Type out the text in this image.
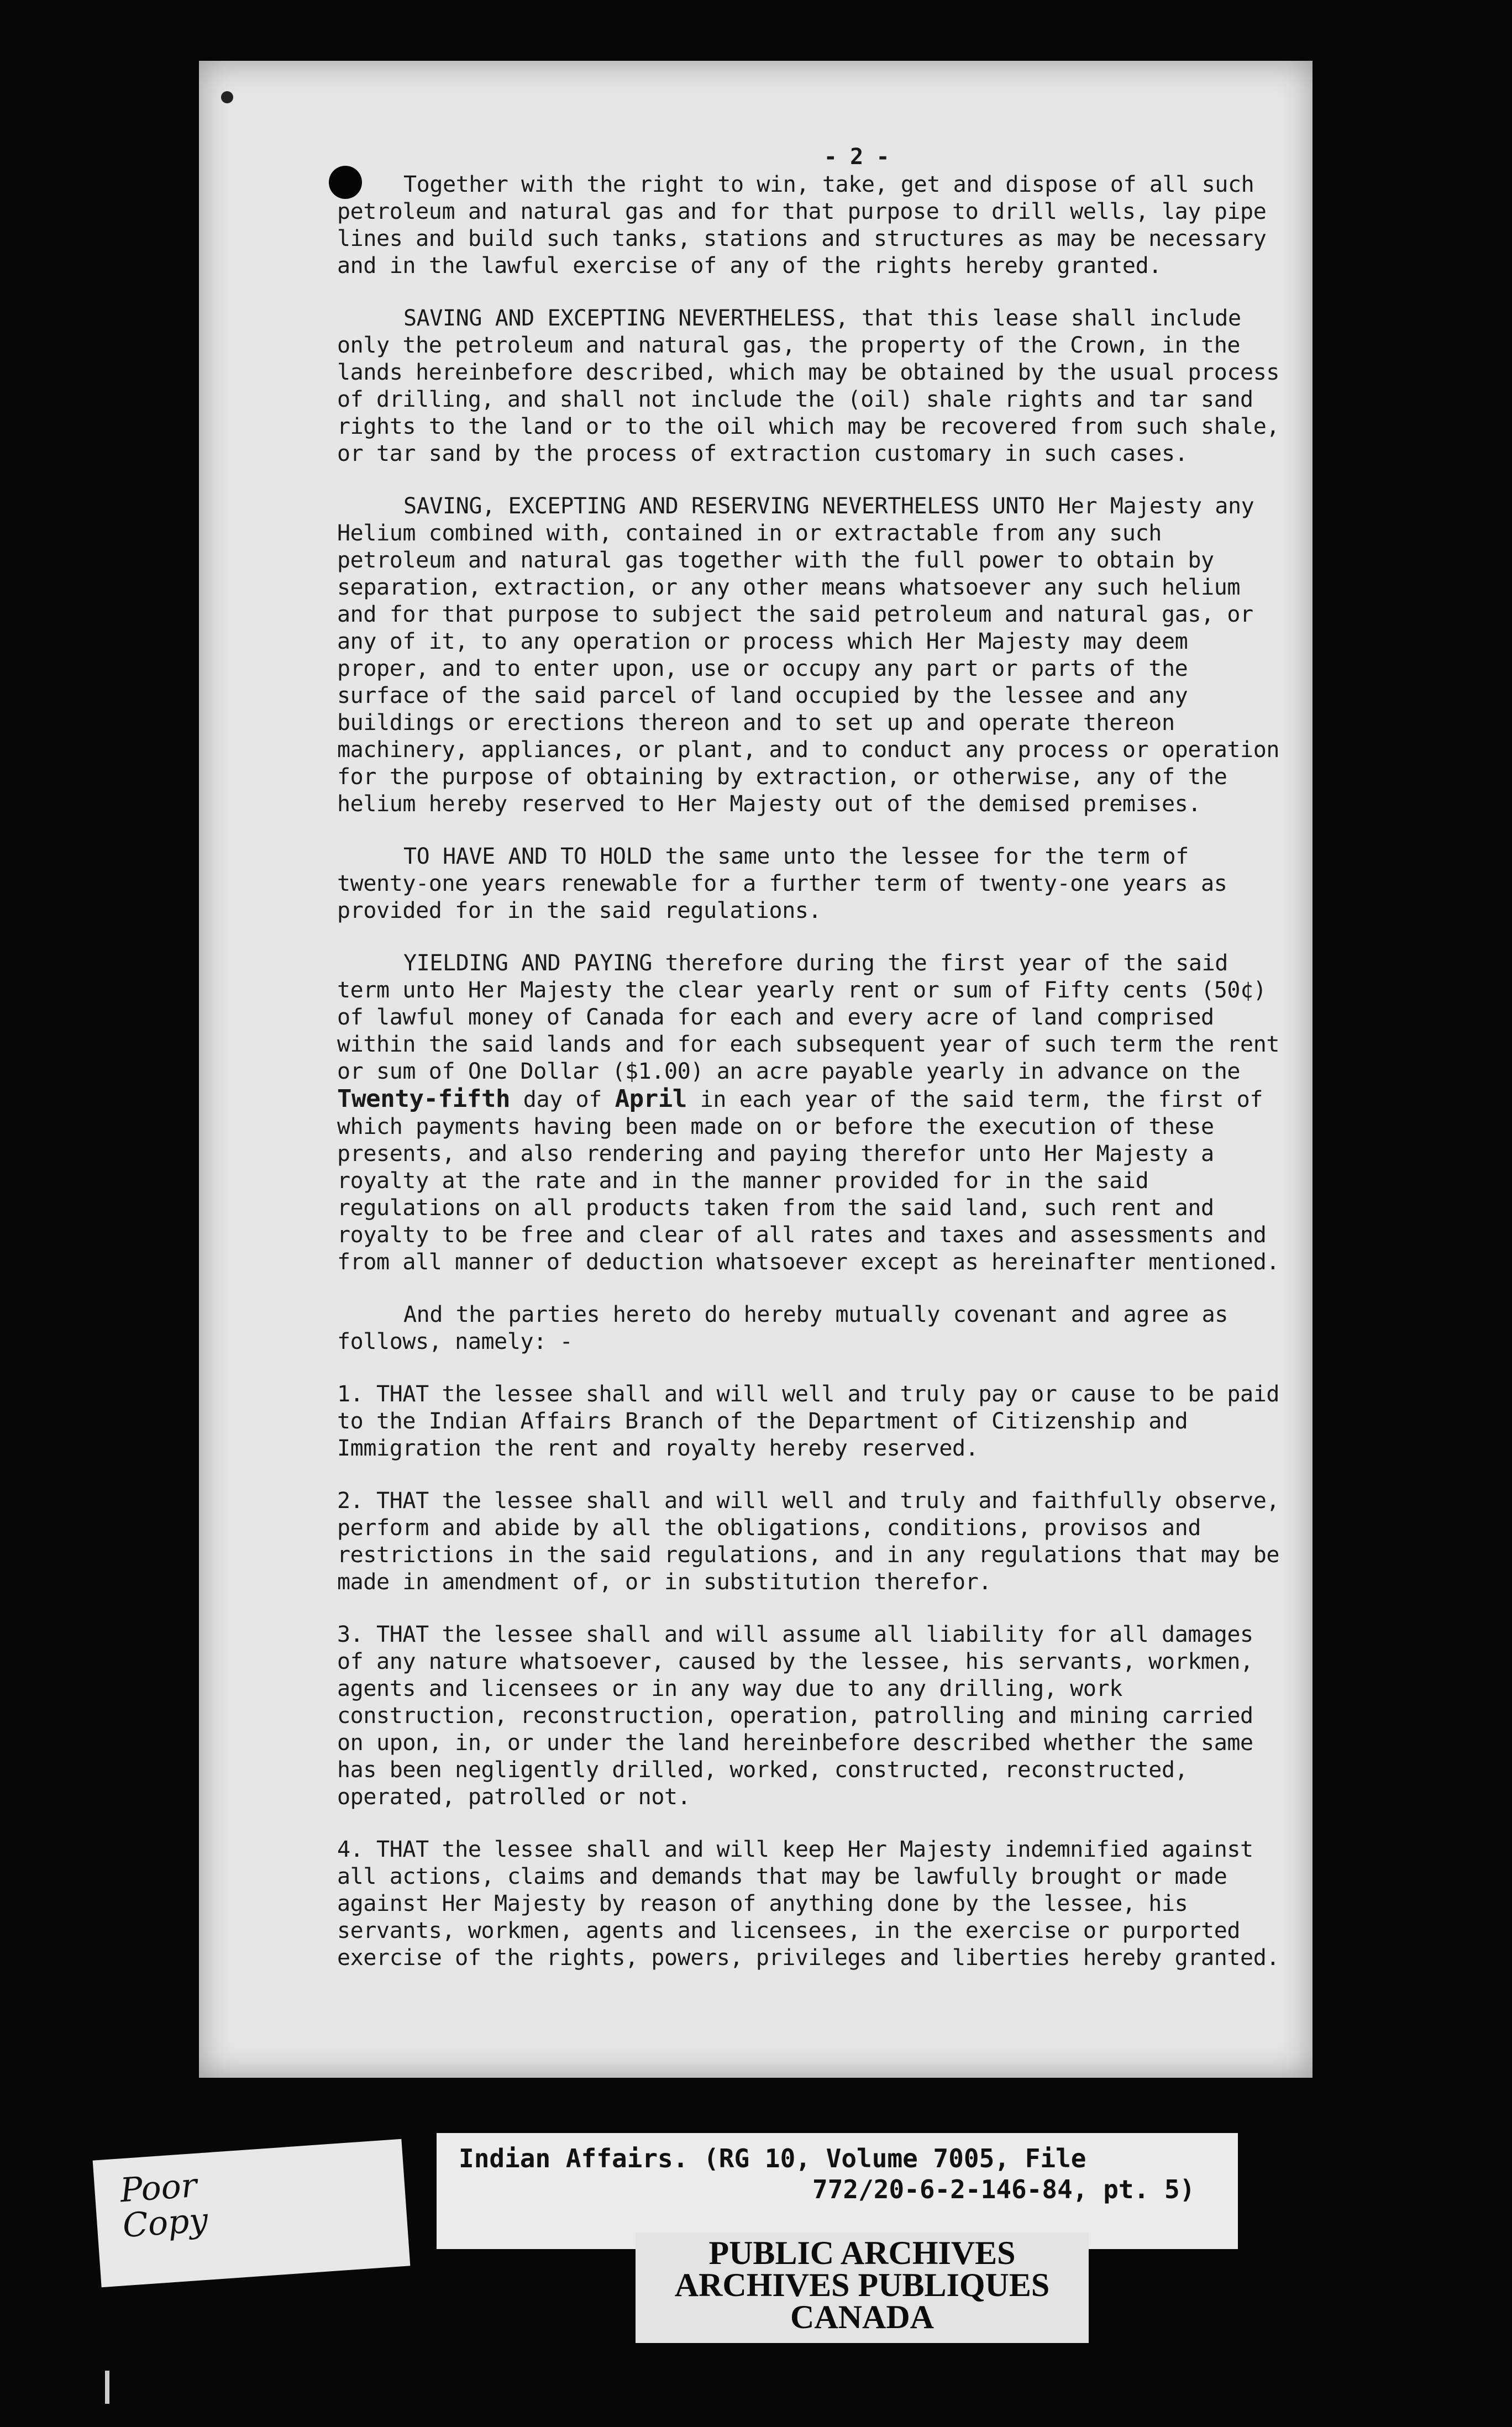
- 2 -

Together with the right to win, take, get and dispose of all such petroleum and natural gas and for that purpose to drill wells, lay pipe lines and build such tanks, stations and structures as may be necessary and in the lawful exercise of any of the rights hereby granted.

SAVING AND EXCEPTING NEVERTHELESS, that this lease shall include only the petroleum and natural gas, the property of the Crown, in the lands hereinbefore described, which may be obtained by the usual process of drilling, and shall not include the (oil) shale rights and tar sand rights to the land or to the oil which may be recovered from such shale, or tar sand by the process of extraction customary in such cases.

SAVING, EXCEPTING AND RESERVING NEVERTHELESS UNTO Her Majesty any Helium combined with, contained in or extractable from any such petroleum and natural gas together with the full power to obtain by separation, extraction, or any other means whatsoever any such helium and for that purpose to subject the said petroleum and natural gas, or any of it, to any operation or process which Her Majesty may deem proper, and to enter upon, use or occupy any part or parts of the surface of the said parcel of land occupied by the lessee and any buildings or erections thereon and to set up and operate thereon machinery, appliances, or plant, and to conduct any process or operation for the purpose of obtaining by extraction, or otherwise, any of the helium hereby reserved to Her Majesty out of the demised premises.

TO HAVE AND TO HOLD the same unto the lessee for the term of twenty-one years renewable for a further term of twenty-one years as provided for in the said regulations.

YIELDING AND PAYING therefore during the first year of the said term unto Her Majesty the clear yearly rent or sum of Fifty cents (50¢) of lawful money of Canada for each and every acre of land comprised within the said lands and for each subsequent year of such term the rent or sum of One Dollar ($1.00) an acre payable yearly in advance on the
Twenty-fifth day of April in each year of the said term, the first of which payments having been made on or before the execution of these presents, and also rendering and paying therefor unto Her Majesty a royalty at the rate and in the manner provided for in the said regulations on all products taken from the said land, such rent and royalty to be free and clear of all rates and taxes and assessments and from all manner of deduction whatsoever except as hereinafter mentioned.

And the parties hereto do hereby mutually covenant and agree as follows, namely: -

1. THAT the lessee shall and will well and truly pay or cause to be paid to the Indian Affairs Branch of the Department of Citizenship and Immigration the rent and royalty hereby reserved.

2. THAT the lessee shall and will well and truly and faithfully observe, perform and abide by all the obligations, conditions, provisos and restrictions in the said regulations, and in any regulations that may be made in amendment of, or in substitution therefor.

3. THAT the lessee shall and will assume all liability for all damages of any nature whatsoever, caused by the lessee, his servants, workmen, agents and licensees or in any way due to any drilling, work construction, reconstruction, operation, patrolling and mining carried on upon, in, or under the land hereinbefore described whether the same has been negligently drilled, worked, constructed, reconstructed, operated, patrolled or not.

4. THAT the lessee shall and will keep Her Majesty indemnified against all actions, claims and demands that may be lawfully brought or made against Her Majesty by reason of anything done by the lessee, his servants, workmen, agents and licensees, in the exercise or purported exercise of the rights, powers, privileges and liberties hereby granted.

Poor
Copy
Indian Affairs. (RG 10, Volume 7005, File
772/20-6-2-146-84, pt. 5)
PUBLIC ARCHIVES
ARCHIVES PUBLIQUES
CANADA
